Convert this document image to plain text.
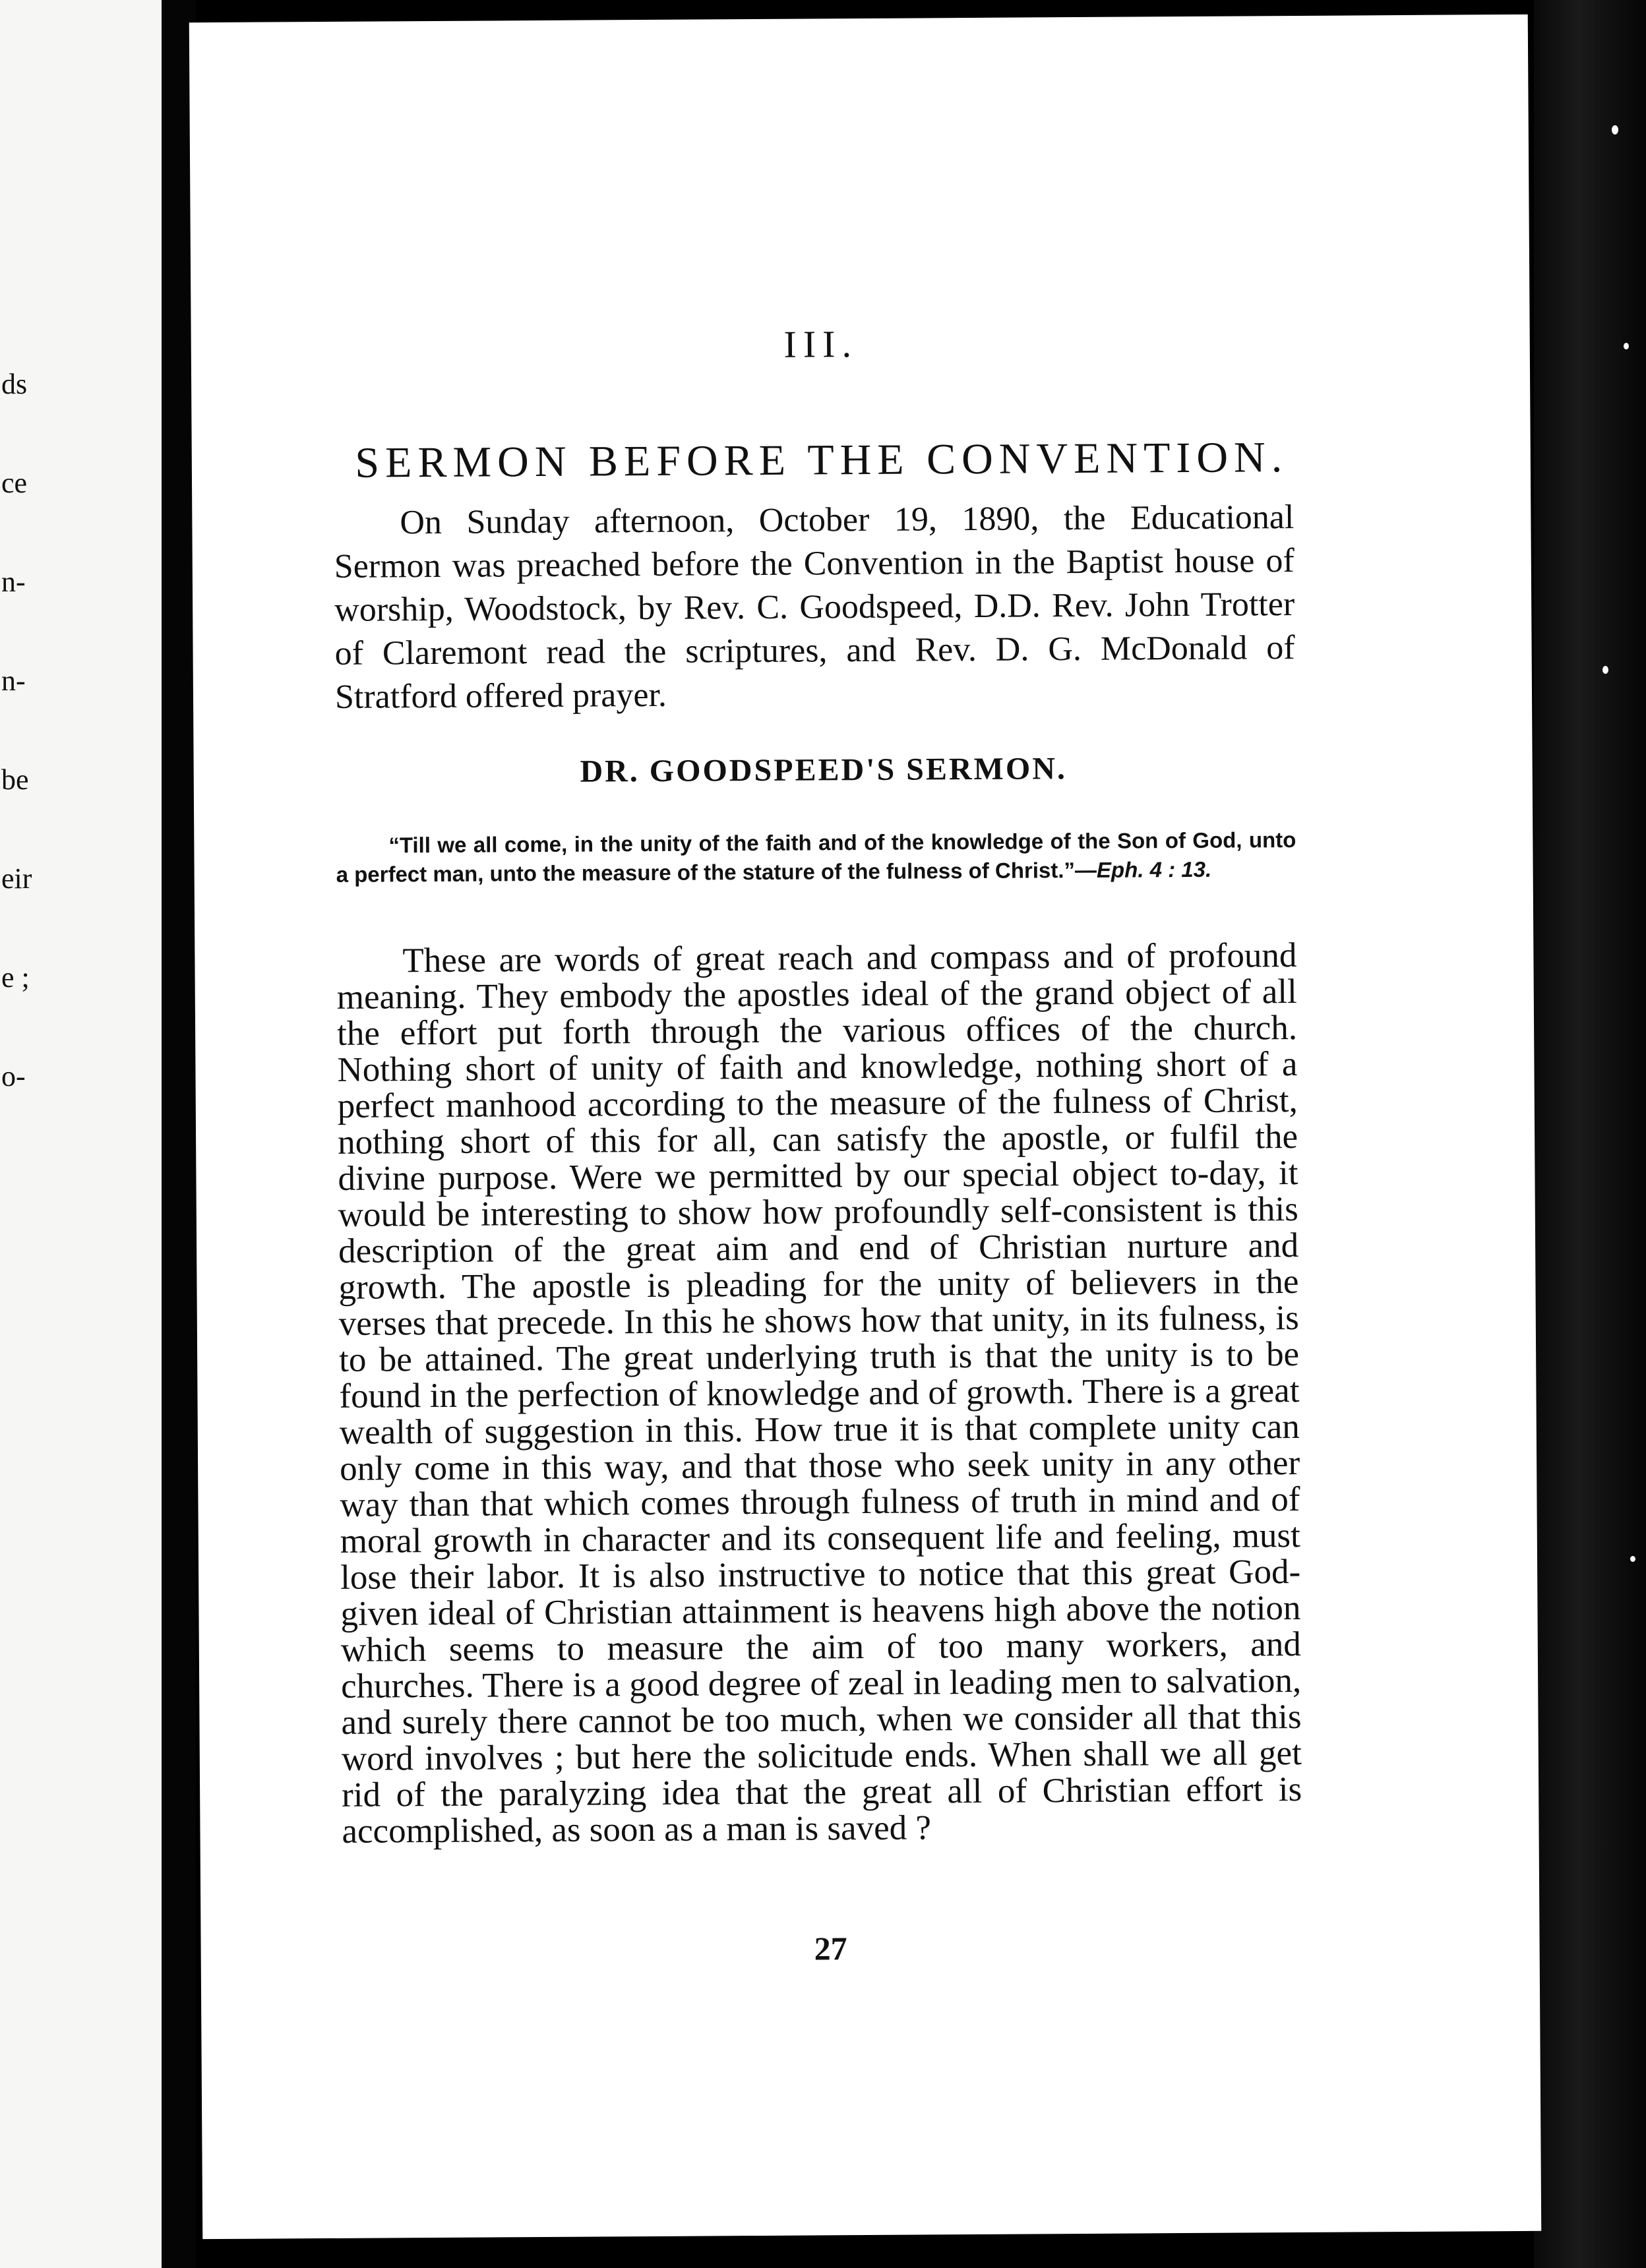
ds

ce

n-

n-

be

eir

e ;

o-

III.
SERMON BEFORE THE CONVENTION.

On Sunday afternoon, October 19, 1890, the Educational Sermon was preached before the Convention in the Baptist house of worship, Woodstock, by Rev. C. Goodspeed, D.D. Rev. John Trotter of Claremont read the scriptures, and Rev. D. G. McDonald of Stratford offered prayer.

DR. GOODSPEED'S SERMON.

“Till we all come, in the unity of the faith and of the knowledge of the Son of God, unto a perfect man, unto the measure of the stature of the fulness of Christ.”—Eph. 4 : 13.

These are words of great reach and compass and of profound meaning. They embody the apostles ideal of the grand object of all the effort put forth through the various offices of the church. Nothing short of unity of faith and knowledge, nothing short of a perfect manhood according to the measure of the fulness of Christ, nothing short of this for all, can satisfy the apostle, or fulfil the divine purpose. Were we permitted by our special object to-day, it would be interesting to show how profoundly self-consistent is this description of the great aim and end of Christian nurture and growth. The apostle is pleading for the unity of believers in the verses that precede. In this he shows how that unity, in its fulness, is to be attained. The great underlying truth is that the unity is to be found in the perfection of knowledge and of growth. There is a great wealth of suggestion in this. How true it is that complete unity can only come in this way, and that those who seek unity in any other way than that which comes through fulness of truth in mind and of moral growth in character and its consequent life and feeling, must lose their labor. It is also instructive to notice that this great God-given ideal of Christian attainment is heavens high above the notion which seems to measure the aim of too many workers, and churches. There is a good degree of zeal in leading men to salvation, and surely there cannot be too much, when we consider all that this word involves ; but here the solicitude ends. When shall we all get rid of the paralyzing idea that the great all of Christian effort is accomplished, as soon as a man is saved ?

27
